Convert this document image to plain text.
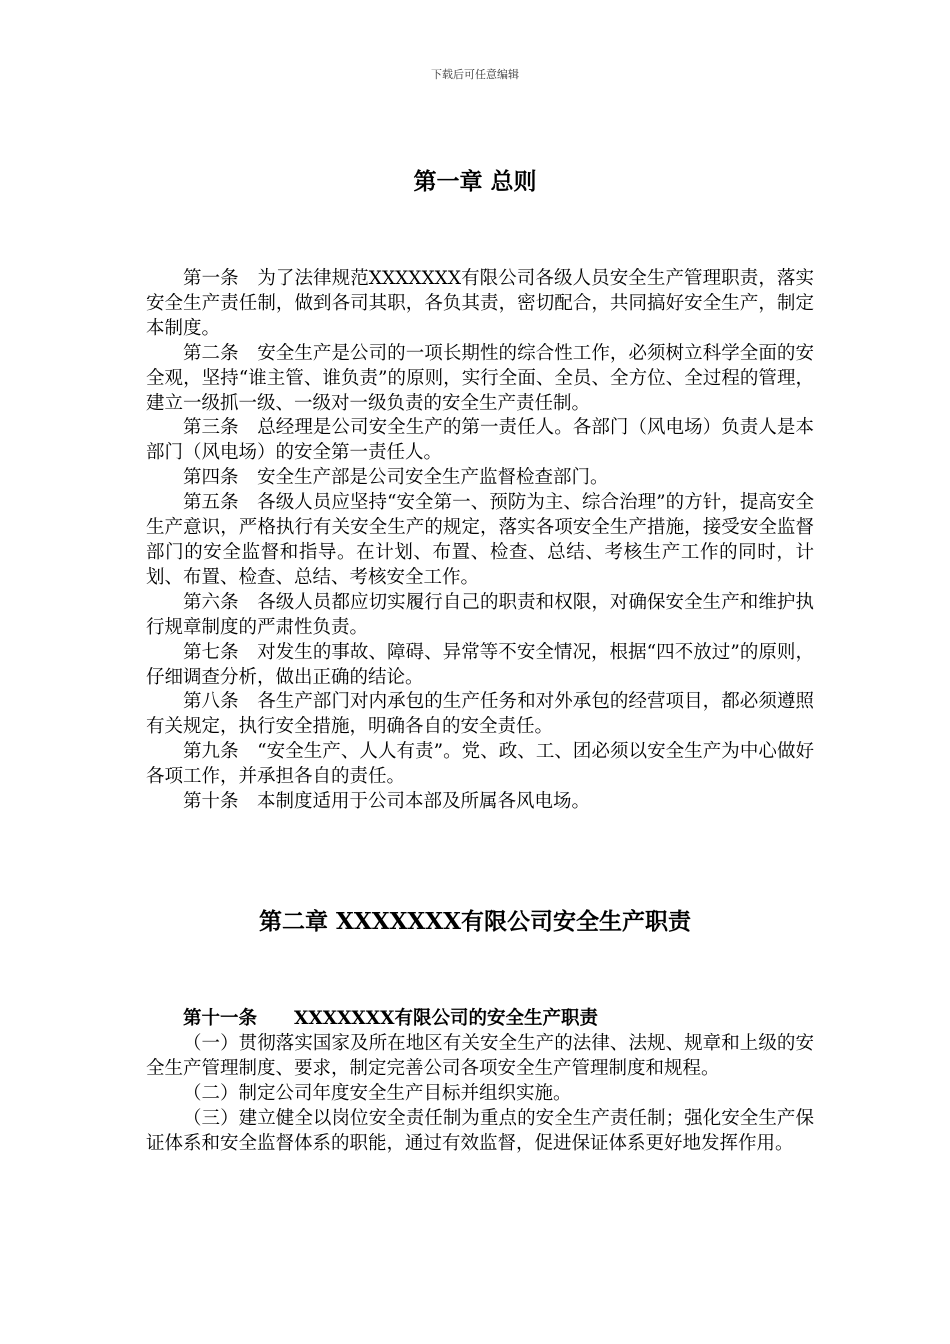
下载后可任意编辑
第一章 总则

第一条 为了法律规范XXXXXXX有限公司各级人员安全生产管理职责，落实安全生产责任制，做到各司其职，各负其责，密切配合，共同搞好安全生产，制定本制度。

第二条 安全生产是公司的一项长期性的综合性工作，必须树立科学全面的安全观，坚持“谁主管、谁负责”的原则，实行全面、全员、全方位、全过程的管理，建立一级抓一级、一级对一级负责的安全生产责任制。

第三条 总经理是公司安全生产的第一责任人。各部门（风电场）负责人是本部门（风电场）的安全第一责任人。

第四条 安全生产部是公司安全生产监督检查部门。

第五条 各级人员应坚持“安全第一、预防为主、综合治理”的方针，提高安全生产意识，严格执行有关安全生产的规定，落实各项安全生产措施，接受安全监督部门的安全监督和指导。在计划、布置、检查、总结、考核生产工作的同时，计划、布置、检查、总结、考核安全工作。

第六条 各级人员都应切实履行自己的职责和权限，对确保安全生产和维护执行规章制度的严肃性负责。

第七条 对发生的事故、障碍、异常等不安全情况，根据“四不放过”的原则，仔细调查分析，做出正确的结论。

第八条 各生产部门对内承包的生产任务和对外承包的经营项目，都必须遵照有关规定，执行安全措施，明确各自的安全责任。

第九条 “安全生产、人人有责”。党、政、工、团必须以安全生产为中心做好各项工作，并承担各自的责任。

第十条 本制度适用于公司本部及所属各风电场。

第二章 XXXXXXX有限公司安全生产职责

第十一条 XXXXXXX有限公司的安全生产职责

（一）贯彻落实国家及所在地区有关安全生产的法律、法规、规章和上级的安全生产管理制度、要求，制定完善公司各项安全生产管理制度和规程。

（二）制定公司年度安全生产目标并组织实施。

（三）建立健全以岗位安全责任制为重点的安全生产责任制；强化安全生产保证体系和安全监督体系的职能，通过有效监督，促进保证体系更好地发挥作用。
